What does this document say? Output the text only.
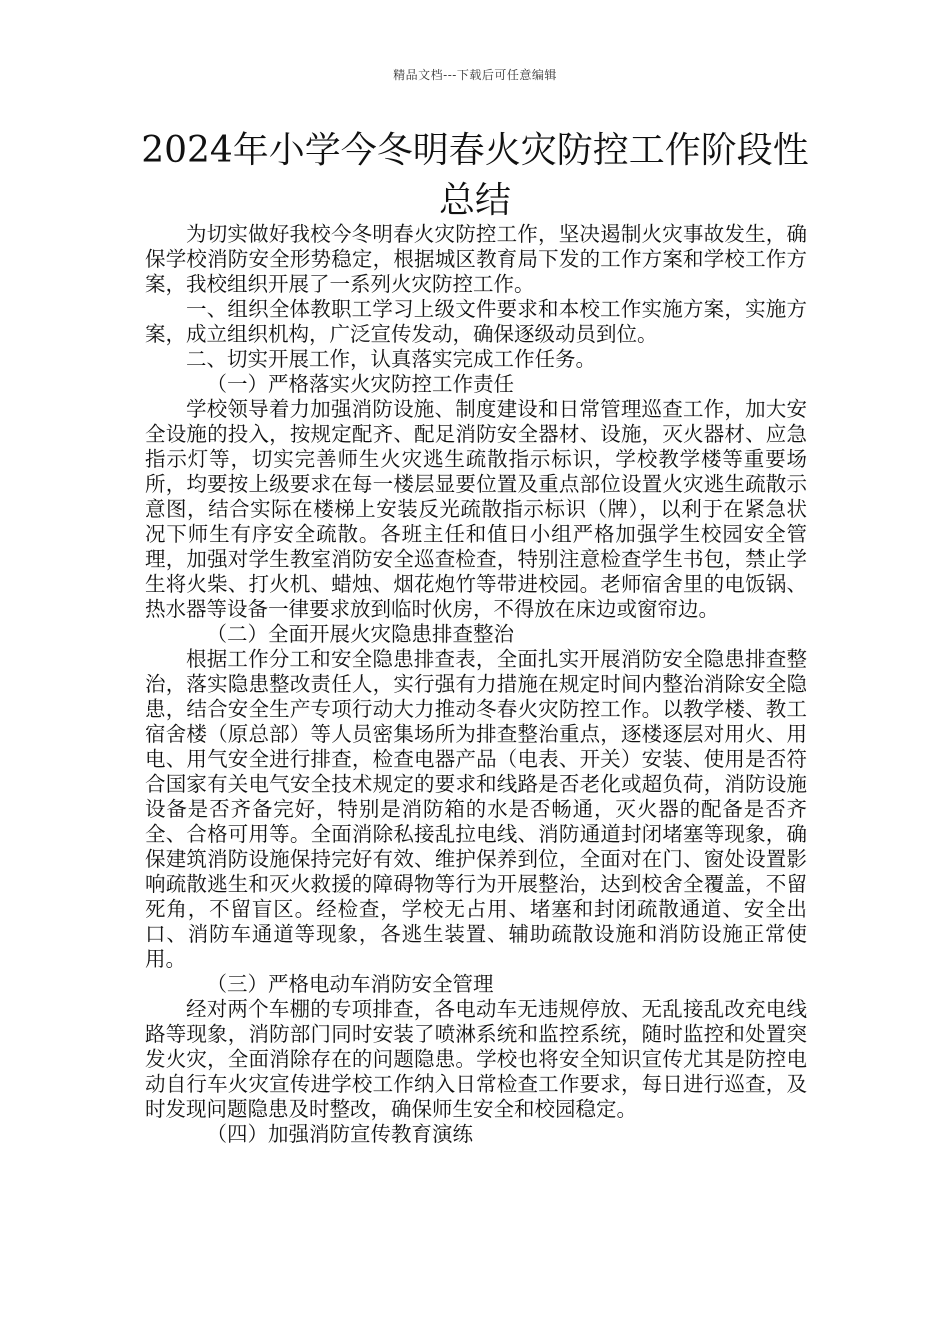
精品文档---下载后可任意编辑
2024年小学今冬明春火灾防控工作阶段性总结

为切实做好我校今冬明春火灾防控工作，坚决遏制火灾事故发生，确保学校消防安全形势稳定，根据城区教育局下发的工作方案和学校工作方案，我校组织开展了一系列火灾防控工作。

一、组织全体教职工学习上级文件要求和本校工作实施方案，实施方案，成立组织机构，广泛宣传发动，确保逐级动员到位。

二、切实开展工作，认真落实完成工作任务。

（一）严格落实火灾防控工作责任

学校领导着力加强消防设施、制度建设和日常管理巡查工作，加大安全设施的投入，按规定配齐、配足消防安全器材、设施，灭火器材、应急指示灯等，切实完善师生火灾逃生疏散指示标识，学校教学楼等重要场所，均要按上级要求在每一楼层显要位置及重点部位设置火灾逃生疏散示意图，结合实际在楼梯上安装反光疏散指示标识（牌），以利于在紧急状况下师生有序安全疏散。各班主任和值日小组严格加强学生校园安全管理，加强对学生教室消防安全巡查检查，特别注意检查学生书包，禁止学生将火柴、打火机、蜡烛、烟花炮竹等带进校园。老师宿舍里的电饭锅、热水器等设备一律要求放到临时伙房，不得放在床边或窗帘边。

（二）全面开展火灾隐患排查整治

根据工作分工和安全隐患排查表，全面扎实开展消防安全隐患排查整治，落实隐患整改责任人，实行强有力措施在规定时间内整治消除安全隐患，结合安全生产专项行动大力推动冬春火灾防控工作。以教学楼、教工宿舍楼（原总部）等人员密集场所为排查整治重点，逐楼逐层对用火、用电、用气安全进行排查，检查电器产品（电表、开关）安装、使用是否符合国家有关电气安全技术规定的要求和线路是否老化或超负荷，消防设施设备是否齐备完好，特别是消防箱的水是否畅通，灭火器的配备是否齐全、合格可用等。全面消除私接乱拉电线、消防通道封闭堵塞等现象，确保建筑消防设施保持完好有效、维护保养到位，全面对在门、窗处设置影响疏散逃生和灭火救援的障碍物等行为开展整治，达到校舍全覆盖，不留死角，不留盲区。经检查，学校无占用、堵塞和封闭疏散通道、安全出口、消防车通道等现象，各逃生装置、辅助疏散设施和消防设施正常使用。

（三）严格电动车消防安全管理

经对两个车棚的专项排查，各电动车无违规停放、无乱接乱改充电线路等现象，消防部门同时安装了喷淋系统和监控系统，随时监控和处置突发火灾，全面消除存在的问题隐患。学校也将安全知识宣传尤其是防控电动自行车火灾宣传进学校工作纳入日常检查工作要求，每日进行巡查，及时发现问题隐患及时整改，确保师生安全和校园稳定。

（四）加强消防宣传教育演练
